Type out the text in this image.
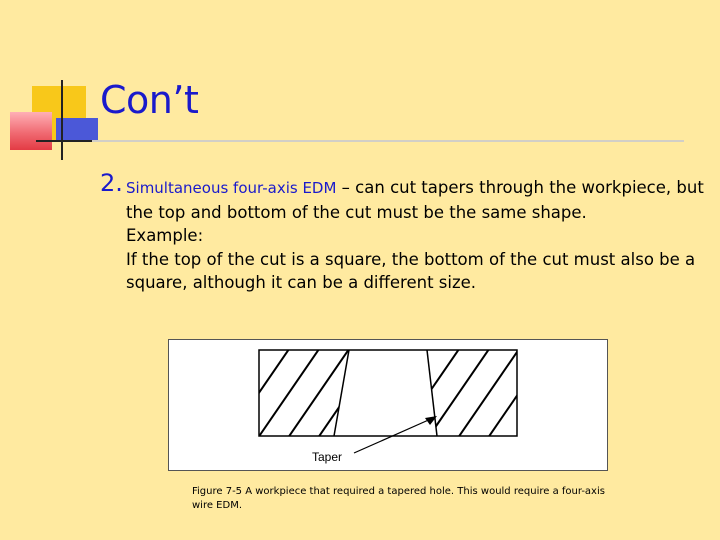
Con’t
2. Simultaneous four-axis EDM – can cut tapers through the workpiece, but the top and bottom of the cut must be the same shape.
Example:
If the top of the cut is a square, the bottom of the cut must also be a square, although it can be a different size.
Taper
Figure 7-5 A workpiece that required a tapered hole. This would require a four-axis wire EDM.
